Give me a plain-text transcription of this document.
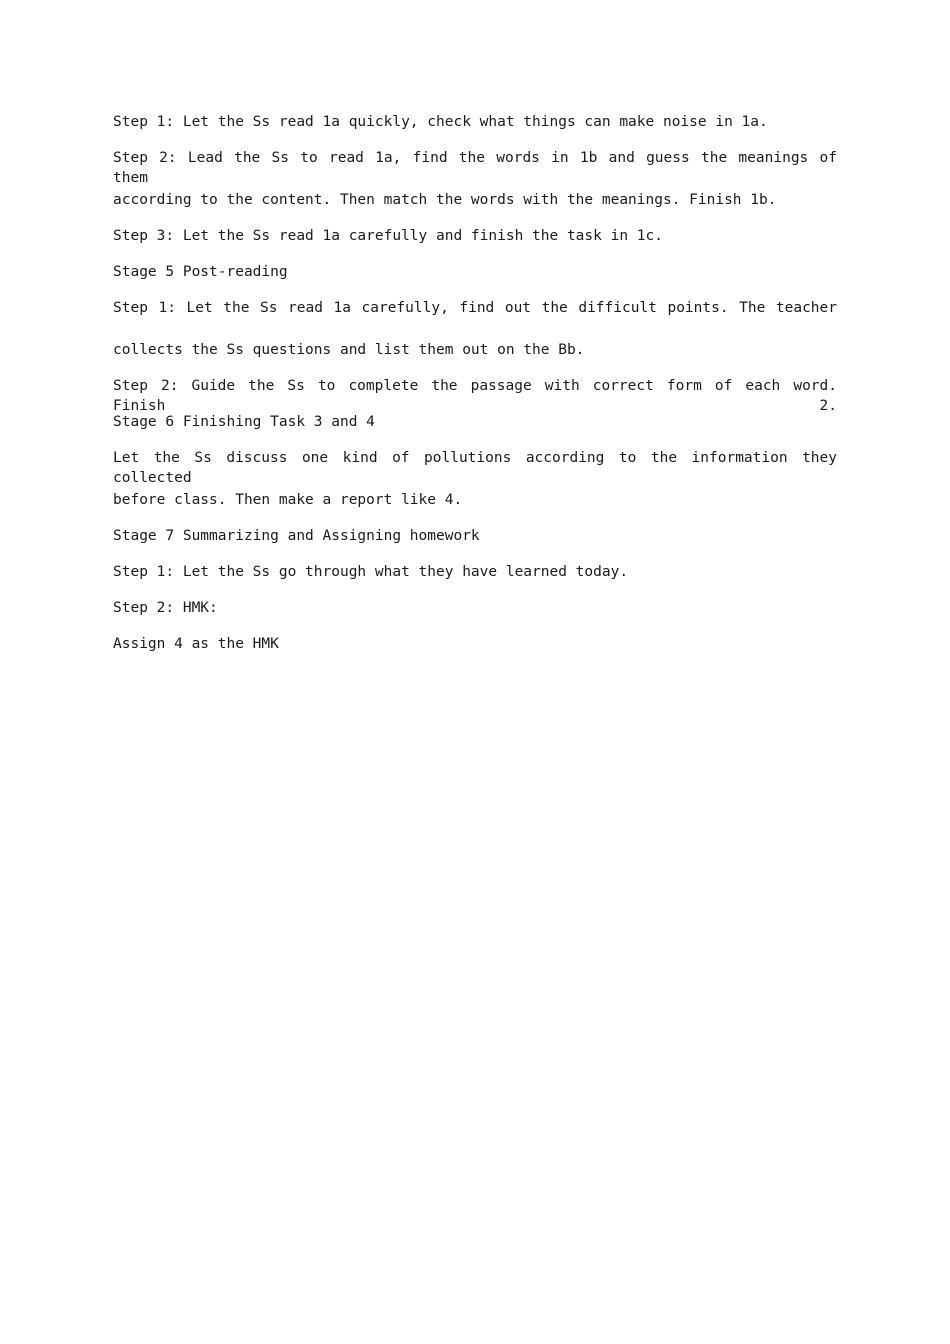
Step 1: Let the Ss read 1a quickly, check what things can make noise in 1a.
Step 2: Lead the Ss to read 1a, find the words in 1b and guess the meanings of them
according to the content. Then match the words with the meanings. Finish 1b.
Step 3: Let the Ss read 1a carefully and finish the task in 1c.
Stage 5 Post-reading
Step 1: Let the Ss read 1a carefully, find out the difficult points. The teacher
collects the Ss questions and list them out on the Bb.
Step 2: Guide the Ss to complete the passage with correct form of each word. Finish 2.
Stage 6 Finishing Task 3 and 4
Let the Ss discuss one kind of pollutions according to the information they collected
before class. Then make a report like 4.
Stage 7 Summarizing and Assigning homework
Step 1: Let the Ss go through what they have learned today.
Step 2: HMK:
Assign 4 as the HMK
